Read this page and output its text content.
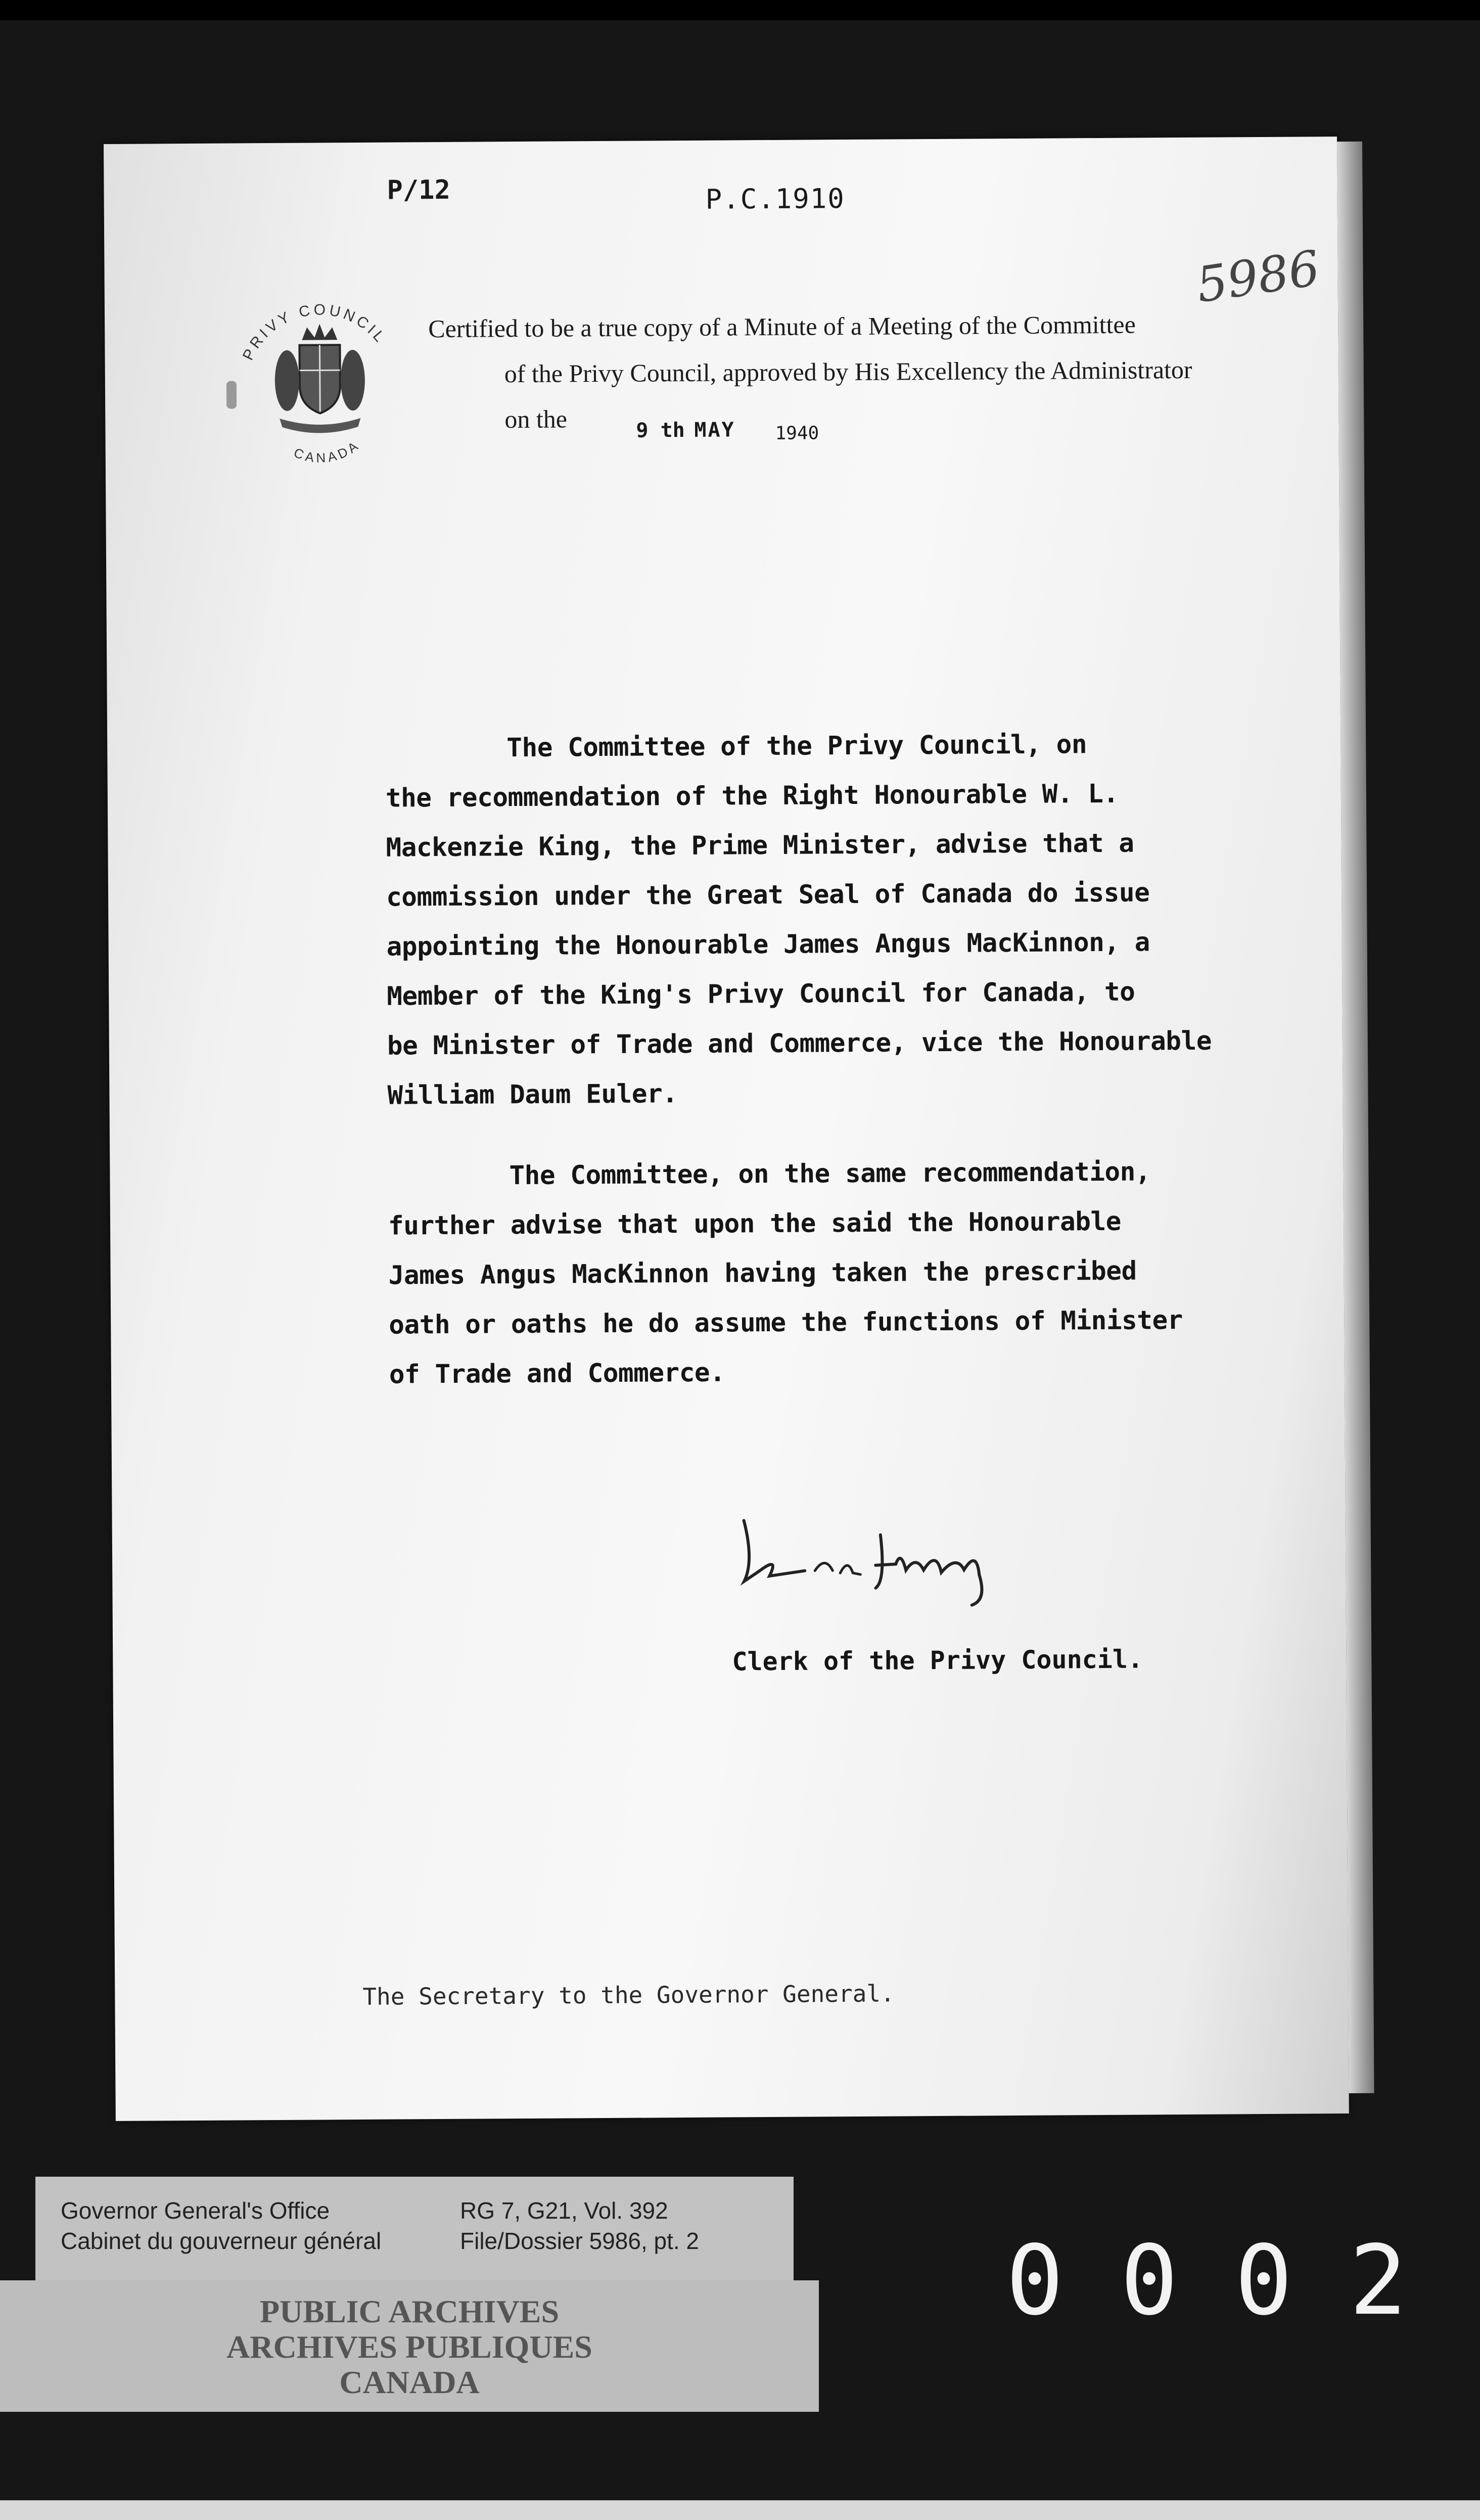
P/12	P.C.1910
5986
PRIVY COUNCIL
CANADA
Certified to be a true copy of a Minute of a Meeting of the Committee
of the Privy Council, approved by His Excellency the Administrator
on the	9 th MAY 1940
The Committee of the Privy Council, on
the recommendation of the Right Honourable W. L.
Mackenzie King, the Prime Minister, advise that a
commission under the Great Seal of Canada do issue
appointing the Honourable James Angus MacKinnon, a
Member of the King's Privy Council for Canada, to
be Minister of Trade and Commerce, vice the Honourable
William Daum Euler.
The Committee, on the same recommendation,
further advise that upon the said the Honourable
James Angus MacKinnon having taken the prescribed
oath or oaths he do assume the functions of Minister
of Trade and Commerce.
Clerk of the Privy Council.
The Secretary to the Governor General.
Governor General's Office
Cabinet du gouverneur général
RG 7, G21, Vol. 392
File/Dossier 5986, pt. 2
PUBLIC ARCHIVES
ARCHIVES PUBLIQUES
CANADA
0002
